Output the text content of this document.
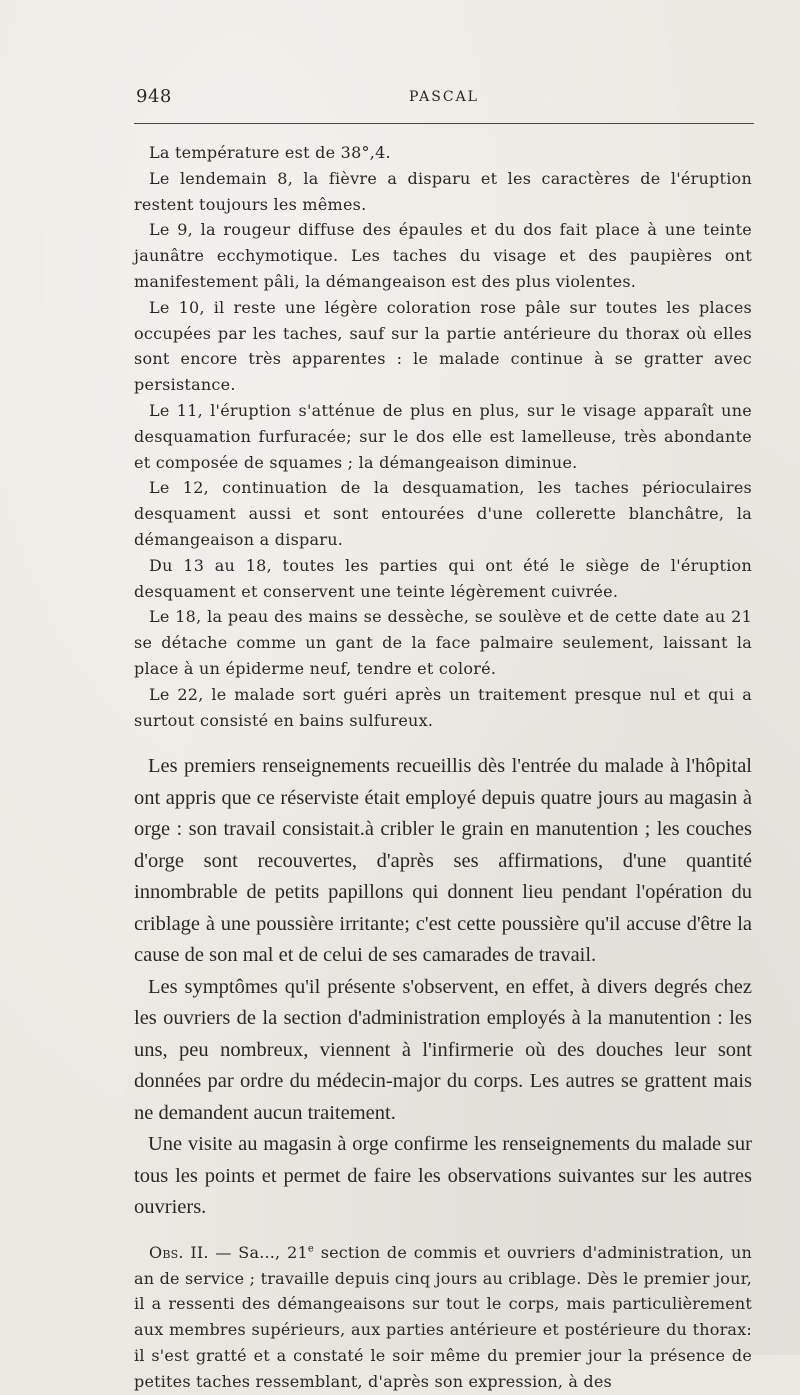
948	PASCAL

La température est de 38°,4.

Le lendemain 8, la fièvre a disparu et les caractères de l'éruption restent toujours les mêmes.

Le 9, la rougeur diffuse des épaules et du dos fait place à une teinte jaunâtre ecchymotique. Les taches du visage et des paupières ont manifestement pâli, la démangeaison est des plus violentes.

Le 10, il reste une légère coloration rose pâle sur toutes les places occupées par les taches, sauf sur la partie antérieure du thorax où elles sont encore très apparentes : le malade continue à se gratter avec persistance.

Le 11, l'éruption s'atténue de plus en plus, sur le visage apparaît une desquamation furfuracée; sur le dos elle est lamelleuse, très abondante et composée de squames ; la démangeaison diminue.

Le 12, continuation de la desquamation, les taches périoculaires desquament aussi et sont entourées d'une collerette blanchâtre, la démangeaison a disparu.

Du 13 au 18, toutes les parties qui ont été le siège de l'éruption desquament et conservent une teinte légèrement cuivrée.

Le 18, la peau des mains se dessèche, se soulève et de cette date au 21 se détache comme un gant de la face palmaire seulement, laissant la place à un épiderme neuf, tendre et coloré.

Le 22, le malade sort guéri après un traitement presque nul et qui a surtout consisté en bains sulfureux.

Les premiers renseignements recueillis dès l'entrée du malade à l'hôpital ont appris que ce réserviste était employé depuis quatre jours au magasin à orge : son travail consistait.à cribler le grain en manutention ; les couches d'orge sont recouvertes, d'après ses affirmations, d'une quantité innombrable de petits papillons qui donnent lieu pendant l'opération du criblage à une poussière irritante; c'est cette poussière qu'il accuse d'être la cause de son mal et de celui de ses camarades de travail.

Les symptômes qu'il présente s'observent, en effet, à divers degrés chez les ouvriers de la section d'administration employés à la manutention : les uns, peu nombreux, viennent à l'infirmerie où des douches leur sont données par ordre du médecin-major du corps. Les autres se grattent mais ne demandent aucun traitement.

Une visite au magasin à orge confirme les renseignements du malade sur tous les points et permet de faire les observations suivantes sur les autres ouvriers.

Obs. II. — Sa..., 21e section de commis et ouvriers d'administration, un an de service ; travaille depuis cinq jours au criblage. Dès le premier jour, il a ressenti des démangeaisons sur tout le corps, mais particulièrement aux membres supérieurs, aux parties antérieure et postérieure du thorax: il s'est gratté et a constaté le soir même du premier jour la présence de petites taches ressemblant, d'après son expression, à des
